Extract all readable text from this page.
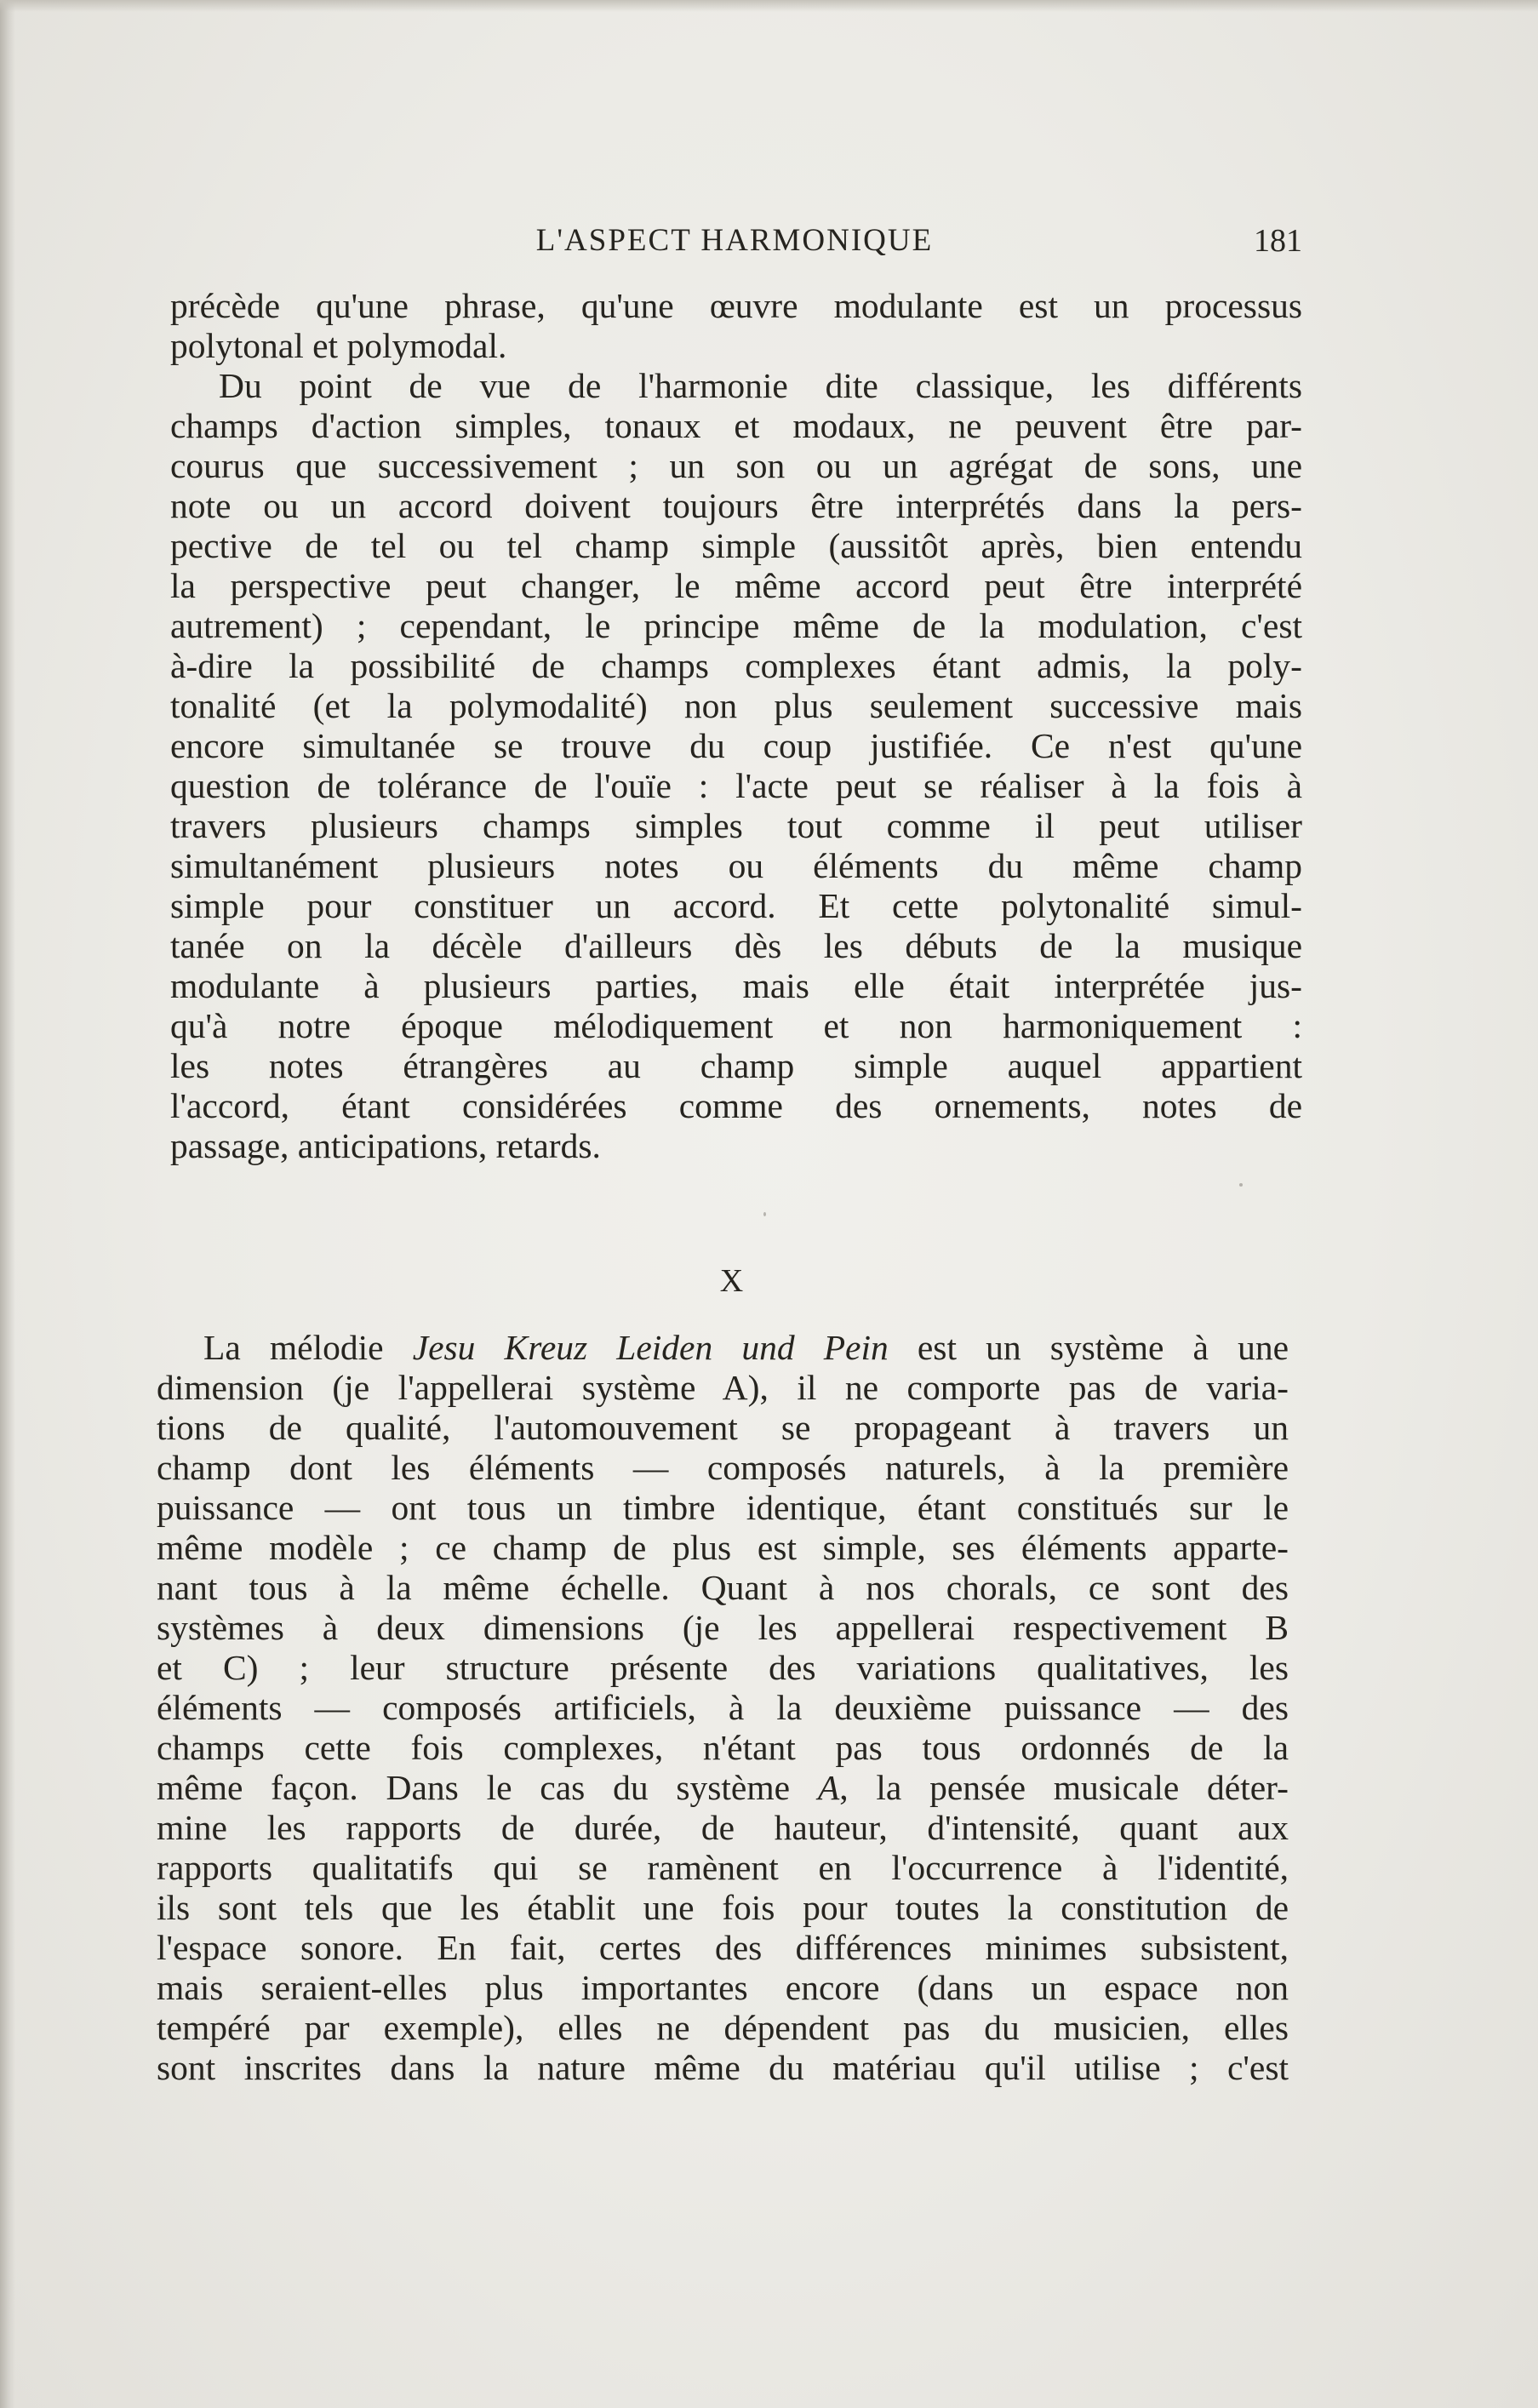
L'ASPECT HARMONIQUE	181
précède qu'une phrase, qu'une œuvre modulante est un processus
polytonal et polymodal.
Du point de vue de l'harmonie dite classique, les différents
champs d'action simples, tonaux et modaux, ne peuvent être par-
courus que successivement ; un son ou un agrégat de sons, une
note ou un accord doivent toujours être interprétés dans la pers-
pective de tel ou tel champ simple (aussitôt après, bien entendu
la perspective peut changer, le même accord peut être interprété
autrement) ; cependant, le principe même de la modulation, c'est
à-dire la possibilité de champs complexes étant admis, la poly-
tonalité (et la polymodalité) non plus seulement successive mais
encore simultanée se trouve du coup justifiée. Ce n'est qu'une
question de tolérance de l'ouïe : l'acte peut se réaliser à la fois à
travers plusieurs champs simples tout comme il peut utiliser
simultanément plusieurs notes ou éléments du même champ
simple pour constituer un accord. Et cette polytonalité simul-
tanée on la décèle d'ailleurs dès les débuts de la musique
modulante à plusieurs parties, mais elle était interprétée jus-
qu'à notre époque mélodiquement et non harmoniquement :
les notes étrangères au champ simple auquel appartient
l'accord, étant considérées comme des ornements, notes de
passage, anticipations, retards.
X
La mélodie Jesu Kreuz Leiden und Pein est un système à une
dimension (je l'appellerai système A), il ne comporte pas de varia-
tions de qualité, l'automouvement se propageant à travers un
champ dont les éléments — composés naturels, à la première
puissance — ont tous un timbre identique, étant constitués sur le
même modèle ; ce champ de plus est simple, ses éléments apparte-
nant tous à la même échelle. Quant à nos chorals, ce sont des
systèmes à deux dimensions (je les appellerai respectivement B
et C) ; leur structure présente des variations qualitatives, les
éléments — composés artificiels, à la deuxième puissance — des
champs cette fois complexes, n'étant pas tous ordonnés de la
même façon. Dans le cas du système A, la pensée musicale déter-
mine les rapports de durée, de hauteur, d'intensité, quant aux
rapports qualitatifs qui se ramènent en l'occurrence à l'identité,
ils sont tels que les établit une fois pour toutes la constitution de
l'espace sonore. En fait, certes des différences minimes subsistent,
mais seraient-elles plus importantes encore (dans un espace non
tempéré par exemple), elles ne dépendent pas du musicien, elles
sont inscrites dans la nature même du matériau qu'il utilise ; c'est
